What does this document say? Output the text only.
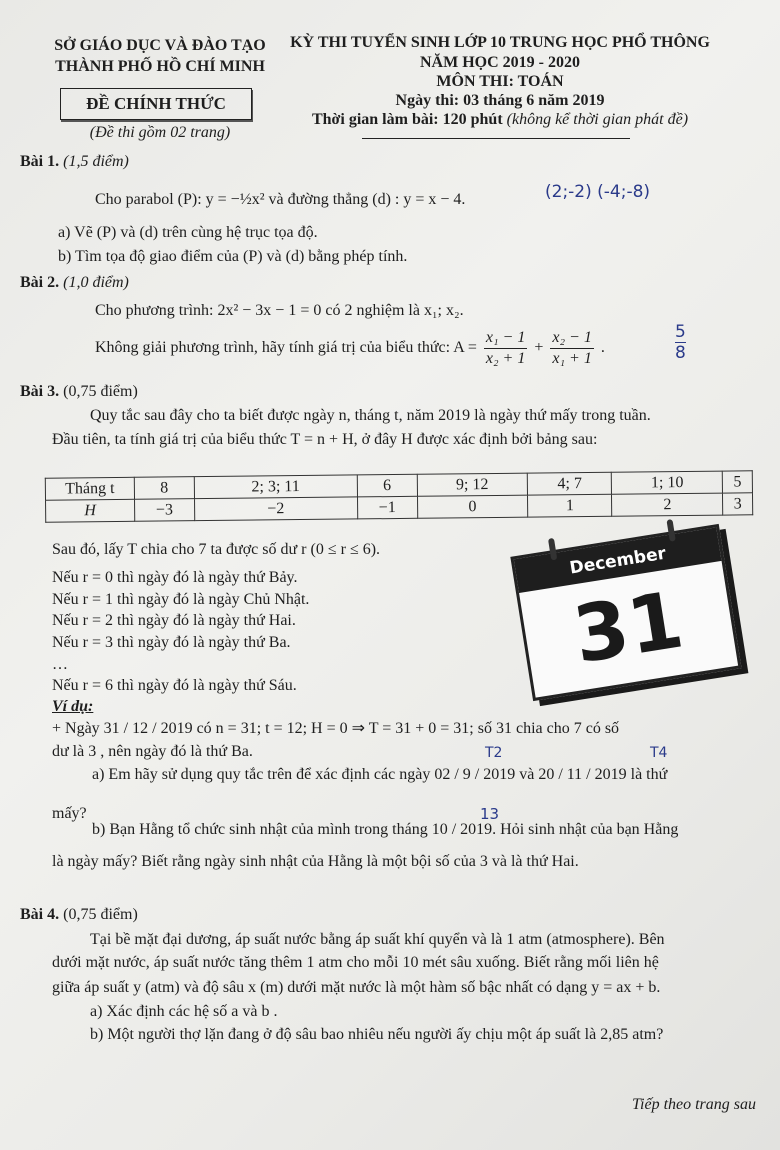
SỞ GIÁO DỤC VÀ ĐÀO TẠO
THÀNH PHỐ HỒ CHÍ MINH
ĐỀ CHÍNH THỨC
(Đề thi gồm 02 trang)
KỲ THI TUYỂN SINH LỚP 10 TRUNG HỌC PHỔ THÔNG
NĂM HỌC 2019 - 2020
MÔN THI: TOÁN
Ngày thi: 03 tháng 6 năm 2019
Thời gian làm bài: 120 phút (không kể thời gian phát đề)
Bài 1. (1,5 điểm)
Cho parabol (P): y = −½x² và đường thẳng (d) : y = x − 4.	(2;-2) (-4;-8)
a) Vẽ (P) và (d) trên cùng hệ trục tọa độ.
b) Tìm tọa độ giao điểm của (P) và (d) bằng phép tính.
Bài 2. (1,0 điểm)
Cho phương trình: 2x² − 3x − 1 = 0 có 2 nghiệm là x₁; x₂.
Không giải phương trình, hãy tính giá trị của biểu thức: $A = \frac{\text{x₁ − 1}}{\text{x₂ + 1}} + \frac{\text{x₂ − 1}}{\text{x₁ + 1}}$ .	$\frac{5}{8}$
Bài 3. (0,75 điểm)
Quy tắc sau đây cho ta biết được ngày n, tháng t, năm 2019 là ngày thứ mấy trong tuần.
Đầu tiên, ta tính giá trị của biểu thức T = n + H, ở đây H được xác định bởi bảng sau:
Tháng t	8	2; 3; 11	6	9; 12	4; 7	1; 10	5
H	−3	−2	−1	0	1	2	3
Sau đó, lấy T chia cho 7 ta được số dư r (0 ≤ r ≤ 6).
Nếu r = 0 thì ngày đó là ngày thứ Bảy.
Nếu r = 1 thì ngày đó là ngày Chủ Nhật.
Nếu r = 2 thì ngày đó là ngày thứ Hai.
Nếu r = 3 thì ngày đó là ngày thứ Ba.
…
Nếu r = 6 thì ngày đó là ngày thứ Sáu.
December
31
Ví dụ:
+ Ngày 31 / 12 / 2019 có n = 31; t = 12; H = 0 ⇒ T = 31 + 0 = 31; số 31 chia cho 7 có số
dư là 3 , nên ngày đó là thứ Ba.	T2	T4
a) Em hãy sử dụng quy tắc trên để xác định các ngày 02 / 9 / 2019 và 20 / 11 / 2019 là thứ
mấy?	13
b) Bạn Hằng tổ chức sinh nhật của mình trong tháng 10 / 2019. Hỏi sinh nhật của bạn Hằng
là ngày mấy? Biết rằng ngày sinh nhật của Hằng là một bội số của 3 và là thứ Hai.
Bài 4. (0,75 điểm)
Tại bề mặt đại dương, áp suất nước bằng áp suất khí quyển và là 1 atm (atmosphere). Bên
dưới mặt nước, áp suất nước tăng thêm 1 atm cho mỗi 10 mét sâu xuống. Biết rằng mối liên hệ
giữa áp suất y (atm) và độ sâu x (m) dưới mặt nước là một hàm số bậc nhất có dạng y = ax + b.
a) Xác định các hệ số a và b .
b) Một người thợ lặn đang ở độ sâu bao nhiêu nếu người ấy chịu một áp suất là 2,85 atm?
Tiếp theo trang sau
